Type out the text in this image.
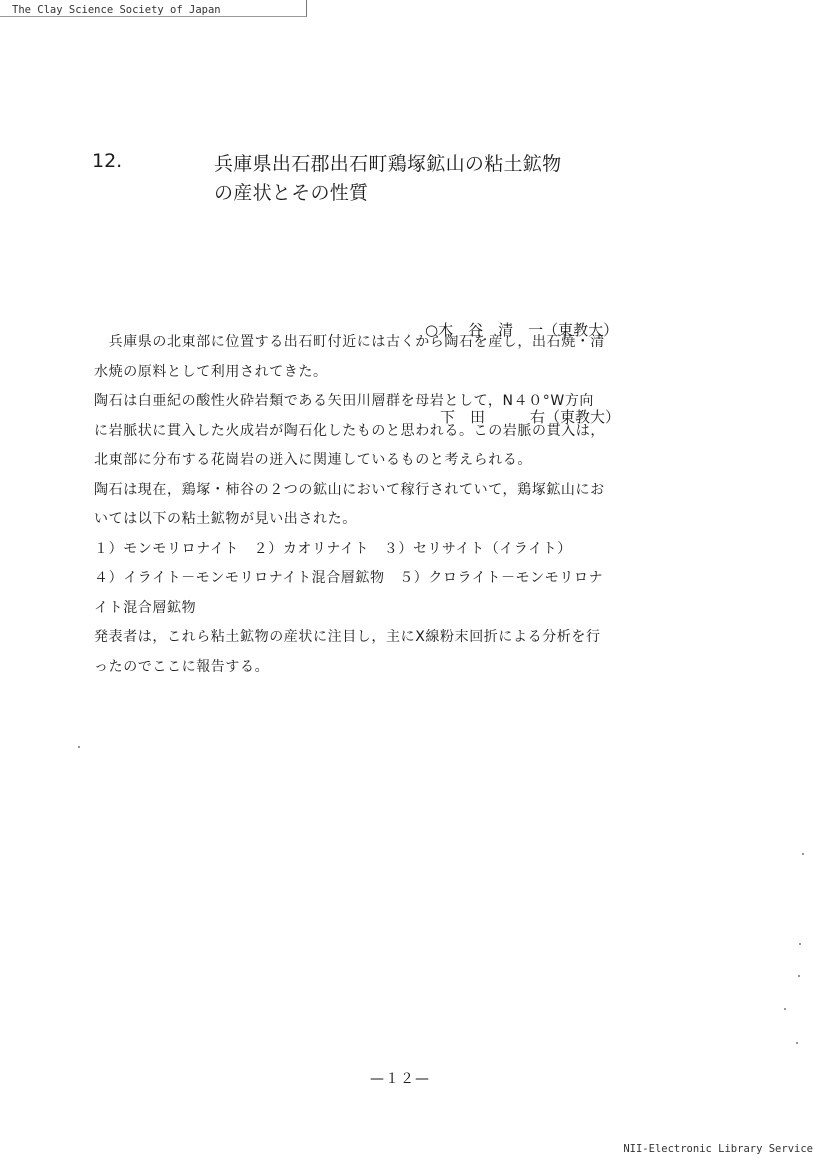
The Clay Science Society of Japan
12.	兵庫県出石郡出石町鶏塚鉱山の粘土鉱物
の産状とその性質

○木　谷　清　一（東教大）

　下　田　　　右（東教大）

　兵庫県の北東部に位置する出石町付近には古くから陶石を産し，出石焼・清

水焼の原料として利用されてきた。

陶石は白亜紀の酸性火砕岩類である矢田川層群を母岩として，N４０°W方向

に岩脈状に貫入した火成岩が陶石化したものと思われる。この岩脈の貫入は，

北東部に分布する花崗岩の迸入に関連しているものと考えられる。

陶石は現在，鶏塚・柿谷の２つの鉱山において稼行されていて，鶏塚鉱山にお

いては以下の粘土鉱物が見い出された。

１）モンモリロナイト　２）カオリナイト　３）セリサイト（イライト）

４）イライト－モンモリロナイト混合層鉱物　５）クロライト－モンモリロナ

イト混合層鉱物

発表者は，これら粘土鉱物の産状に注目し，主にX線粉末回折による分析を行

ったのでここに報告する。

—１２—
NII-Electronic Library Service
